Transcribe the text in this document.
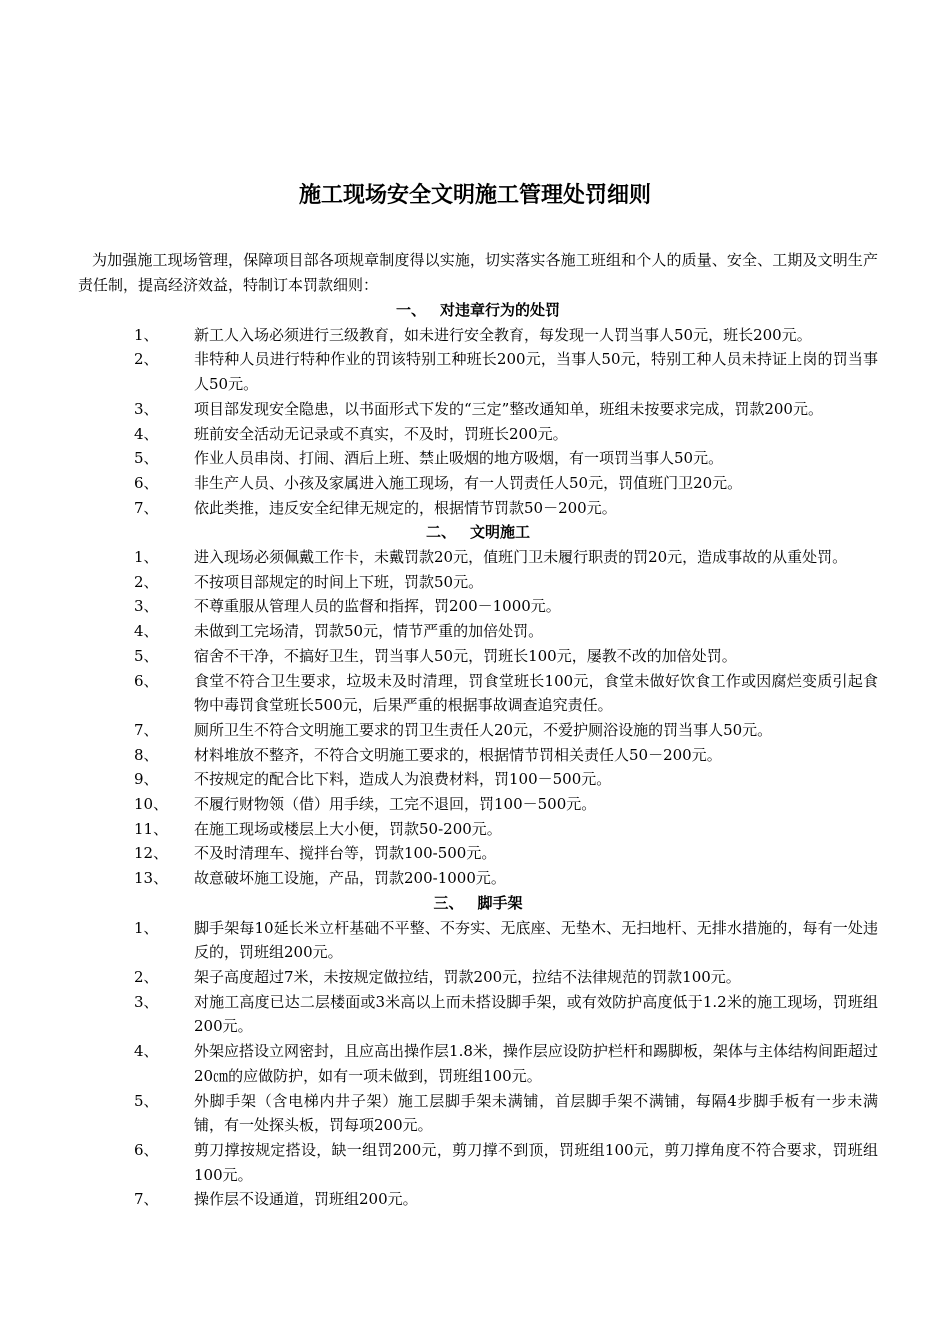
施工现场安全文明施工管理处罚细则

为加强施工现场管理，保障项目部各项规章制度得以实施，切实落实各施工班组和个人的质量、安全、工期及文明生产责任制，提高经济效益，特制订本罚款细则：

一、 对违章行为的处罚
1、	新工人入场必须进行三级教育，如未进行安全教育，每发现一人罚当事人50元，班长200元。
2、	非特种人员进行特种作业的罚该特别工种班长200元，当事人50元，特别工种人员未持证上岗的罚当事人50元。
3、	项目部发现安全隐患，以书面形式下发的“三定”整改通知单，班组未按要求完成，罚款200元。
4、	班前安全活动无记录或不真实，不及时，罚班长200元。
5、	作业人员串岗、打闹、酒后上班、禁止吸烟的地方吸烟，有一项罚当事人50元。
6、	非生产人员、小孩及家属进入施工现场，有一人罚责任人50元，罚值班门卫20元。
7、	依此类推，违反安全纪律无规定的，根据情节罚款50－200元。
二、 文明施工
1、	进入现场必须佩戴工作卡，未戴罚款20元，值班门卫未履行职责的罚20元，造成事故的从重处罚。
2、	不按项目部规定的时间上下班，罚款50元。
3、	不尊重服从管理人员的监督和指挥，罚200－1000元。
4、	未做到工完场清，罚款50元，情节严重的加倍处罚。
5、	宿舍不干净，不搞好卫生，罚当事人50元，罚班长100元，屡教不改的加倍处罚。
6、	食堂不符合卫生要求，垃圾未及时清理，罚食堂班长100元，食堂未做好饮食工作或因腐烂变质引起食物中毒罚食堂班长500元，后果严重的根据事故调查追究责任。
7、	厕所卫生不符合文明施工要求的罚卫生责任人20元，不爱护厕浴设施的罚当事人50元。
8、	材料堆放不整齐，不符合文明施工要求的，根据情节罚相关责任人50－200元。
9、	不按规定的配合比下料，造成人为浪费材料，罚100－500元。
10、	不履行财物领（借）用手续，工完不退回，罚100－500元。
11、	在施工现场或楼层上大小便，罚款50-200元。
12、	不及时清理车、搅拌台等，罚款100-500元。
13、	故意破坏施工设施，产品，罚款200-1000元。
三、 脚手架
1、	脚手架每10延长米立杆基础不平整、不夯实、无底座、无垫木、无扫地杆、无排水措施的，每有一处违反的，罚班组200元。
2、	架子高度超过7米，未按规定做拉结，罚款200元，拉结不法律规范的罚款100元。
3、	对施工高度已达二层楼面或3米高以上而未搭设脚手架，或有效防护高度低于1.2米的施工现场，罚班组200元。
4、	外架应搭设立网密封，且应高出操作层1.8米，操作层应设防护栏杆和踢脚板，架体与主体结构间距超过20㎝的应做防护，如有一项未做到，罚班组100元。
5、	外脚手架（含电梯内井子架）施工层脚手架未满铺，首层脚手架不满铺，每隔4步脚手板有一步未满铺，有一处探头板，罚每项200元。
6、	剪刀撑按规定搭设，缺一组罚200元，剪刀撑不到顶，罚班组100元，剪刀撑角度不符合要求，罚班组100元。
7、	操作层不设通道，罚班组200元。
